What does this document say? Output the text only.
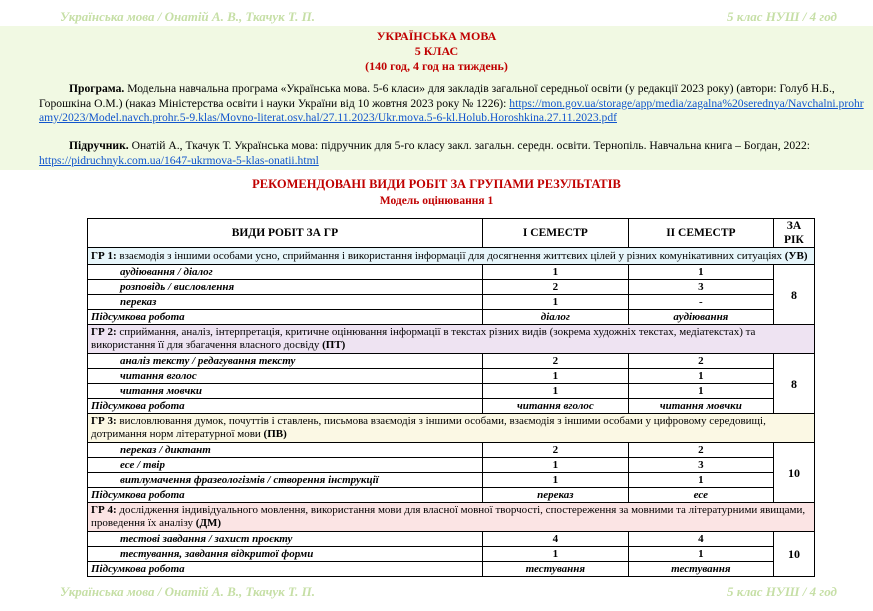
Українська мова / Онатій А. В., Ткачук Т. П.	5 клас НУШ / 4 год
УКРАЇНСЬКА МОВА
5 КЛАС
(140 год, 4 год на тиждень)
Програма. Модельна навчальна програма «Українська мова. 5-6 класи» для закладів загальної середньої освіти (у редакції 2023 року) (автори: Голуб Н.Б., Горошкіна О.М.) (наказ Міністерства освіти і науки України від 10 жовтня 2023 року № 1226): https://mon.gov.ua/storage/app/media/zagalna%20serednya/Navchalni.prohramy/2023/Model.navch.prohr.5-9.klas/Movno-literat.osv.hal/27.11.2023/Ukr.mova.5-6-kl.Holub.Horoshkina.27.11.2023.pdf
Підручник. Онатій А., Ткачук Т. Українська мова: підручник для 5-го класу закл. загальн. середн. освіти. Тернопіль. Навчальна книга – Богдан, 2022: https://pidruchnyk.com.ua/1647-ukrmova-5-klas-onatii.html
РЕКОМЕНДОВАНІ ВИДИ РОБІТ ЗА ГРУПАМИ РЕЗУЛЬТАТІВ
Модель оцінювання 1
ВИДИ РОБІТ ЗА ГР	І СЕМЕСТР	ІІ СЕМЕСТР	ЗА РІК
ГР 1: взаємодія з іншими особами усно, сприймання і використання інформації для досягнення життєвих цілей у різних комунікативних ситуаціях (УВ)			
аудіювання / діалог	1	1	8
розповідь / висловлення	2	3	
переказ	1	-	
Підсумкова робота	діалог	аудіювання	
ГР 2: сприймання, аналіз, інтерпретація, критичне оцінювання інформації в текстах різних видів (зокрема художніх текстах, медіатекстах) та використання її для збагачення власного досвіду (ПТ)			
аналіз тексту / редагування тексту	2	2	8
читання вголос	1	1	
читання мовчки	1	1	
Підсумкова робота	читання вголос	читання мовчки	
ГР 3: висловлювання думок, почуттів і ставлень, письмова взаємодія з іншими особами, взаємодія з іншими особами у цифровому середовищі, дотримання норм літературної мови (ПВ)			
переказ / диктант	2	2	10
есе / твір	1	3	
витлумачення фразеологізмів / створення інструкції	1	1	
Підсумкова робота	переказ	есе	
ГР 4: дослідження індивідуального мовлення, використання мови для власної мовної творчості, спостереження за мовними та літературними явищами, проведення їх аналізу (ДМ)			
тестові завдання / захист проєкту	4	4	10
тестування, завдання відкритої форми	1	1	
Підсумкова робота	тестування	тестування	
Українська мова / Онатій А. В., Ткачук Т. П.	5 клас НУШ / 4 год
